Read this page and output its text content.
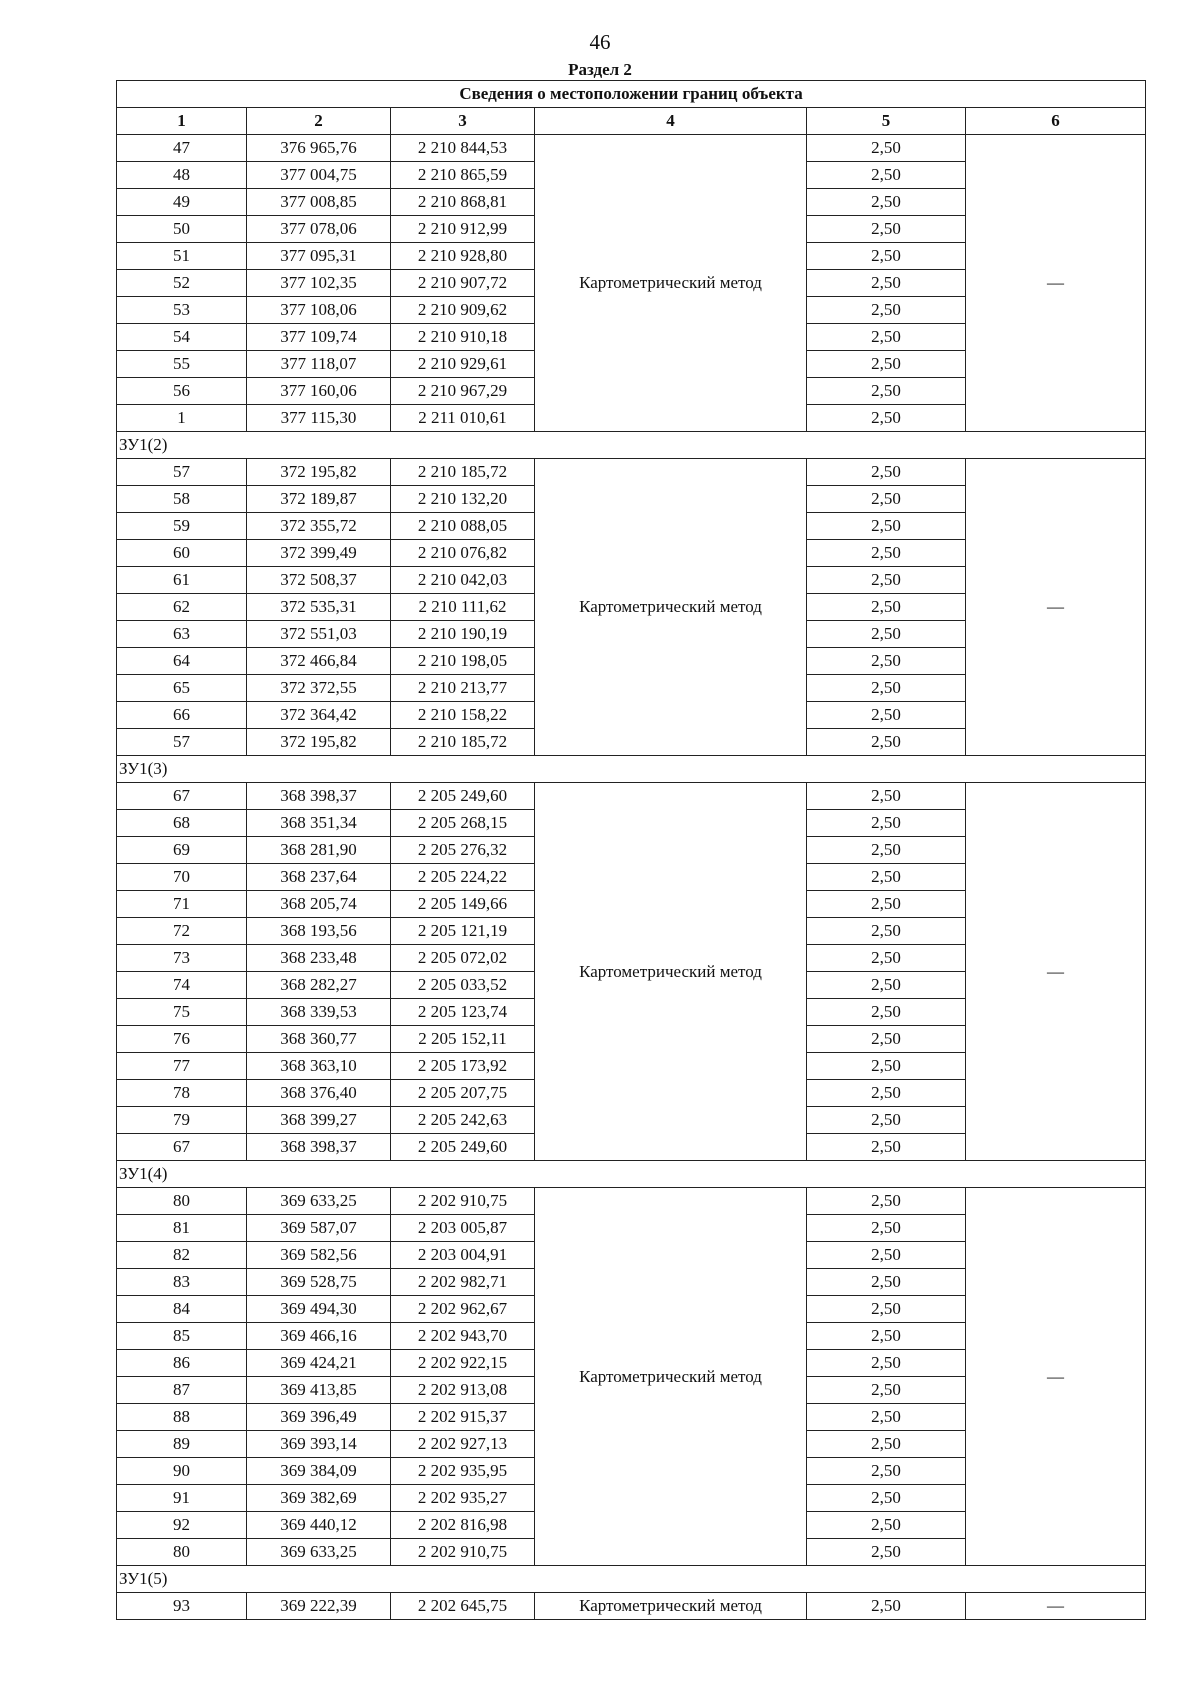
46
Раздел 2
Сведения о местоположении границ объекта					
1	2	3	4	5	6
47	376 965,76	2 210 844,53	Картометрический метод	2,50	—
48	377 004,75	2 210 865,59		2,50	
49	377 008,85	2 210 868,81		2,50	
50	377 078,06	2 210 912,99		2,50	
51	377 095,31	2 210 928,80		2,50	
52	377 102,35	2 210 907,72		2,50	
53	377 108,06	2 210 909,62		2,50	
54	377 109,74	2 210 910,18		2,50	
55	377 118,07	2 210 929,61		2,50	
56	377 160,06	2 210 967,29		2,50	
1	377 115,30	2 211 010,61		2,50	
ЗУ1(2)					
57	372 195,82	2 210 185,72	Картометрический метод	2,50	—
58	372 189,87	2 210 132,20		2,50	
59	372 355,72	2 210 088,05		2,50	
60	372 399,49	2 210 076,82		2,50	
61	372 508,37	2 210 042,03		2,50	
62	372 535,31	2 210 111,62		2,50	
63	372 551,03	2 210 190,19		2,50	
64	372 466,84	2 210 198,05		2,50	
65	372 372,55	2 210 213,77		2,50	
66	372 364,42	2 210 158,22		2,50	
57	372 195,82	2 210 185,72		2,50	
ЗУ1(3)					
67	368 398,37	2 205 249,60	Картометрический метод	2,50	—
68	368 351,34	2 205 268,15		2,50	
69	368 281,90	2 205 276,32		2,50	
70	368 237,64	2 205 224,22		2,50	
71	368 205,74	2 205 149,66		2,50	
72	368 193,56	2 205 121,19		2,50	
73	368 233,48	2 205 072,02		2,50	
74	368 282,27	2 205 033,52		2,50	
75	368 339,53	2 205 123,74		2,50	
76	368 360,77	2 205 152,11		2,50	
77	368 363,10	2 205 173,92		2,50	
78	368 376,40	2 205 207,75		2,50	
79	368 399,27	2 205 242,63		2,50	
67	368 398,37	2 205 249,60		2,50	
ЗУ1(4)					
80	369 633,25	2 202 910,75	Картометрический метод	2,50	—
81	369 587,07	2 203 005,87		2,50	
82	369 582,56	2 203 004,91		2,50	
83	369 528,75	2 202 982,71		2,50	
84	369 494,30	2 202 962,67		2,50	
85	369 466,16	2 202 943,70		2,50	
86	369 424,21	2 202 922,15		2,50	
87	369 413,85	2 202 913,08		2,50	
88	369 396,49	2 202 915,37		2,50	
89	369 393,14	2 202 927,13		2,50	
90	369 384,09	2 202 935,95		2,50	
91	369 382,69	2 202 935,27		2,50	
92	369 440,12	2 202 816,98		2,50	
80	369 633,25	2 202 910,75		2,50	
ЗУ1(5)					
93	369 222,39	2 202 645,75	Картометрический метод	2,50	—
